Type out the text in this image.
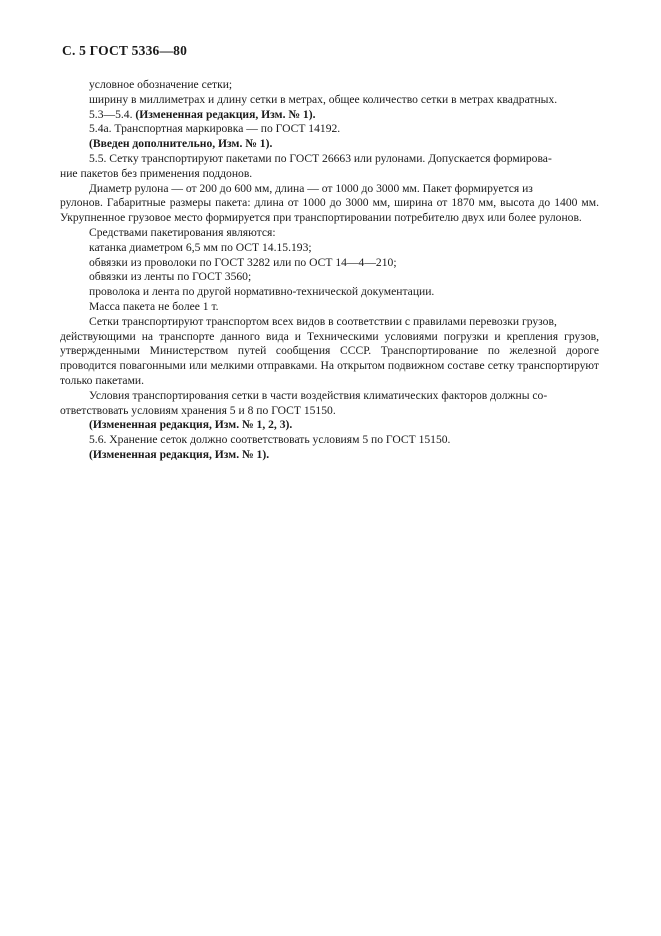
С. 5 ГОСТ 5336—80

условное обозначение сетки;

ширину в миллиметрах и длину сетки в метрах, общее количество сетки в метрах квадратных.

5.3—5.4. (Измененная редакция, Изм. № 1).

5.4а. Транспортная маркировка — по ГОСТ 14192.

(Введен дополнительно, Изм. № 1).

5.5. Сетку транспортируют пакетами по ГОСТ 26663 или рулонами. Допускается формирова-

ние пакетов без применения поддонов.

Диаметр рулона — от 200 до 600 мм, длина — от 1000 до 3000 мм. Пакет формируется из

рулонов. Габаритные размеры пакета: длина от 1000 до 3000 мм, ширина от 1870 мм, высота до 1400 мм. Укрупненное грузовое место формируется при транспортировании потребителю двух или более рулонов.

Средствами пакетирования являются:

катанка диаметром 6,5 мм по ОСТ 14.15.193;

обвязки из проволоки по ГОСТ 3282 или по ОСТ 14—4—210;

обвязки из ленты по ГОСТ 3560;

проволока и лента по другой нормативно-технической документации.

Масса пакета не более 1 т.

Сетки транспортируют транспортом всех видов в соответствии с правилами перевозки грузов,

действующими на транспорте данного вида и Техническими условиями погрузки и крепления грузов, утвержденными Министерством путей сообщения СССР. Транспортирование по железной дороге проводится повагонными или мелкими отправками. На открытом подвижном составе сетку транспортируют только пакетами.

Условия транспортирования сетки в части воздействия климатических факторов должны со-

ответствовать условиям хранения 5 и 8 по ГОСТ 15150.

(Измененная редакция, Изм. № 1, 2, 3).

5.6. Хранение сеток должно соответствовать условиям 5 по ГОСТ 15150.

(Измененная редакция, Изм. № 1).
